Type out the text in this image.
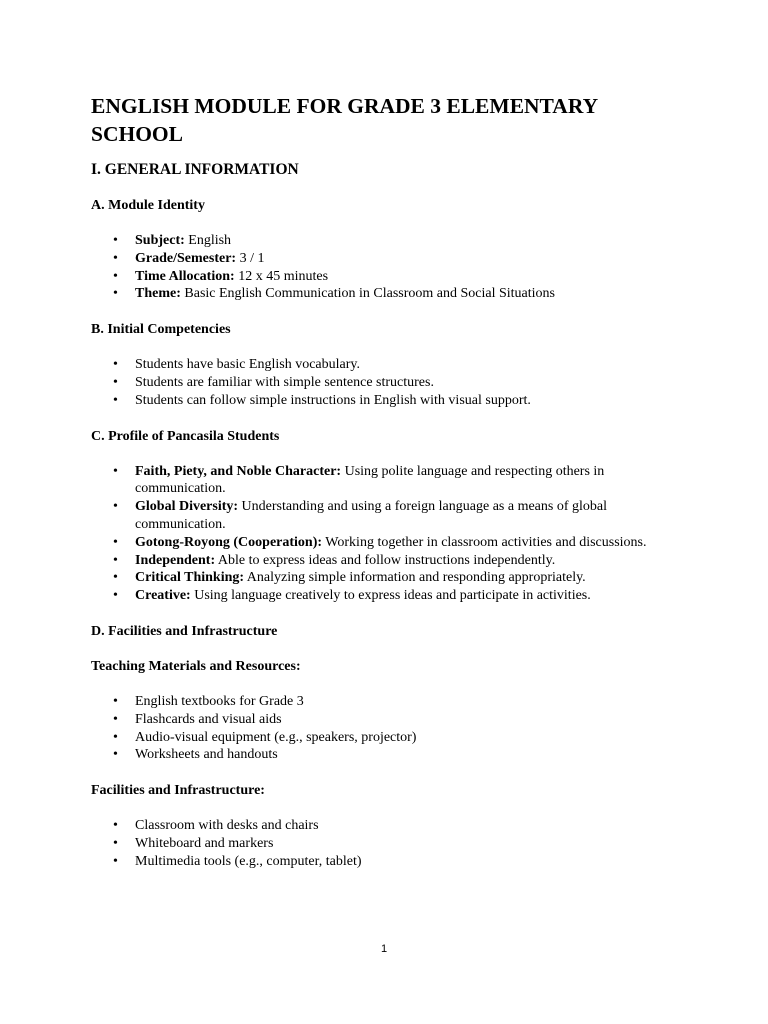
ENGLISH MODULE FOR GRADE 3 ELEMENTARY SCHOOL
I. GENERAL INFORMATION
A. Module Identity
• Subject: English
• Grade/Semester: 3 / 1
• Time Allocation: 12 x 45 minutes
• Theme: Basic English Communication in Classroom and Social Situations
B. Initial Competencies
• Students have basic English vocabulary.
• Students are familiar with simple sentence structures.
• Students can follow simple instructions in English with visual support.
C. Profile of Pancasila Students
• Faith, Piety, and Noble Character: Using polite language and respecting others in communication.
• Global Diversity: Understanding and using a foreign language as a means of global communication.
• Gotong-Royong (Cooperation): Working together in classroom activities and discussions.
• Independent: Able to express ideas and follow instructions independently.
• Critical Thinking: Analyzing simple information and responding appropriately.
• Creative: Using language creatively to express ideas and participate in activities.
D. Facilities and Infrastructure
Teaching Materials and Resources:
• English textbooks for Grade 3
• Flashcards and visual aids
• Audio-visual equipment (e.g., speakers, projector)
• Worksheets and handouts
Facilities and Infrastructure:
• Classroom with desks and chairs
• Whiteboard and markers
• Multimedia tools (e.g., computer, tablet)
1
